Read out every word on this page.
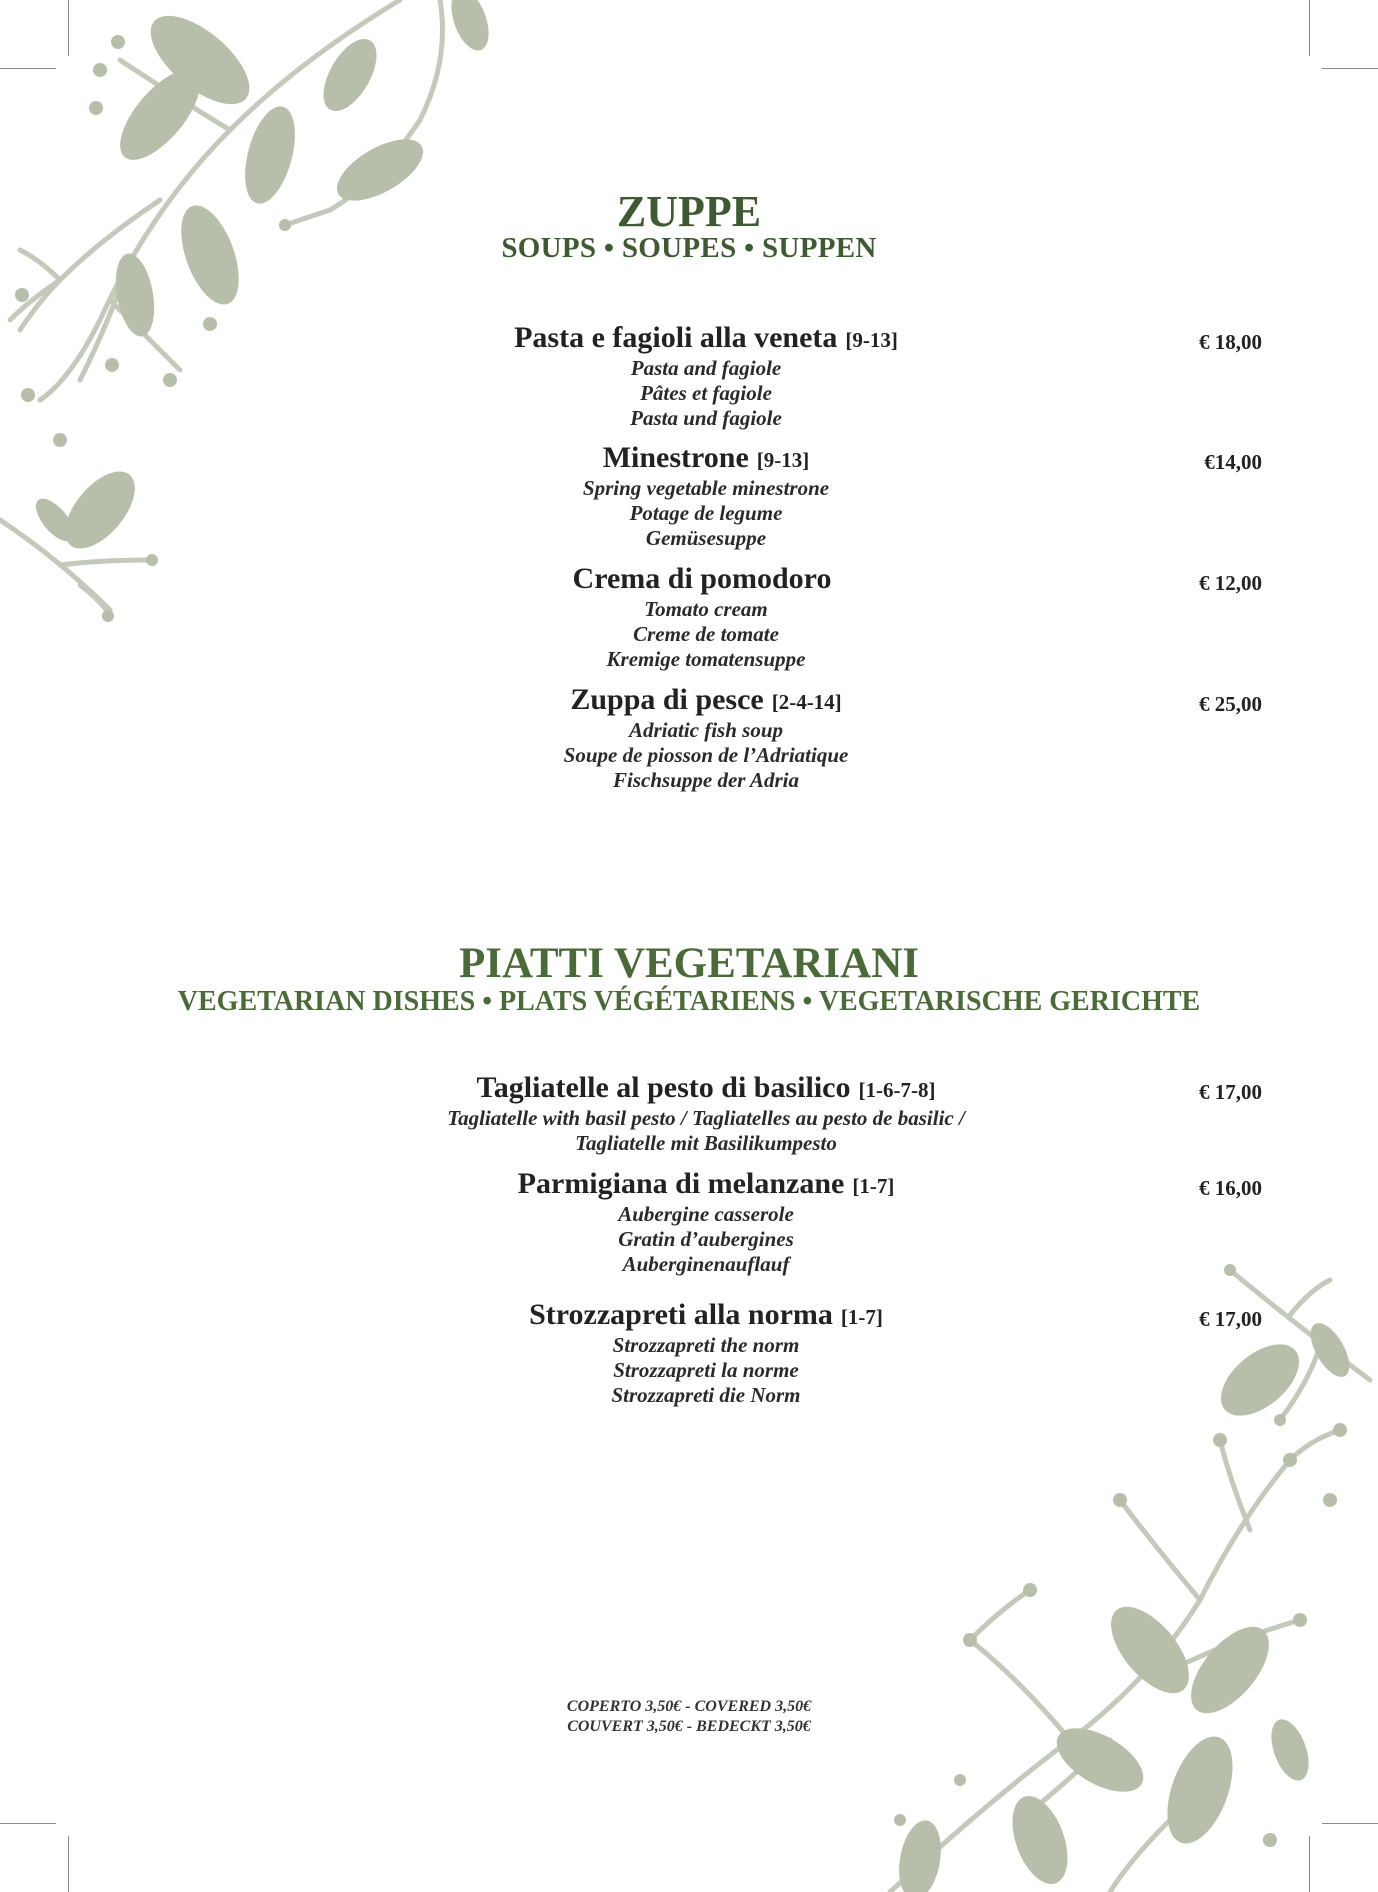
ZUPPE
SOUPS • SOUPES • SUPPEN
Pasta e fagioli alla veneta [9-13]
Pasta and fagiole
Pâtes et fagiole
Pasta und fagiole
€ 18,00
Minestrone [9-13]
Spring vegetable minestrone
Potage de legume
Gemüsesuppe
€14,00
Crema di pomodoro
Tomato cream
Creme de tomate
Kremige tomatensuppe
€ 12,00
Zuppa di pesce [2-4-14]
Adriatic fish soup
Soupe de piosson de l’Adriatique
Fischsuppe der Adria
€ 25,00
PIATTI VEGETARIANI
VEGETARIAN DISHES • PLATS VÉGÉTARIENS • VEGETARISCHE GERICHTE
Tagliatelle al pesto di basilico [1-6-7-8]
Tagliatelle with basil pesto / Tagliatelles au pesto de basilic /
Tagliatelle mit Basilikumpesto
€ 17,00
Parmigiana di melanzane [1-7]
Aubergine casserole
Gratin d’aubergines
Auberginenauflauf
€ 16,00
Strozzapreti alla norma [1-7]
Strozzapreti the norm
Strozzapreti la norme
Strozzapreti die Norm
€ 17,00
COPERTO 3,50€ - COVERED 3,50€
COUVERT 3,50€ - BEDECKT 3,50€
